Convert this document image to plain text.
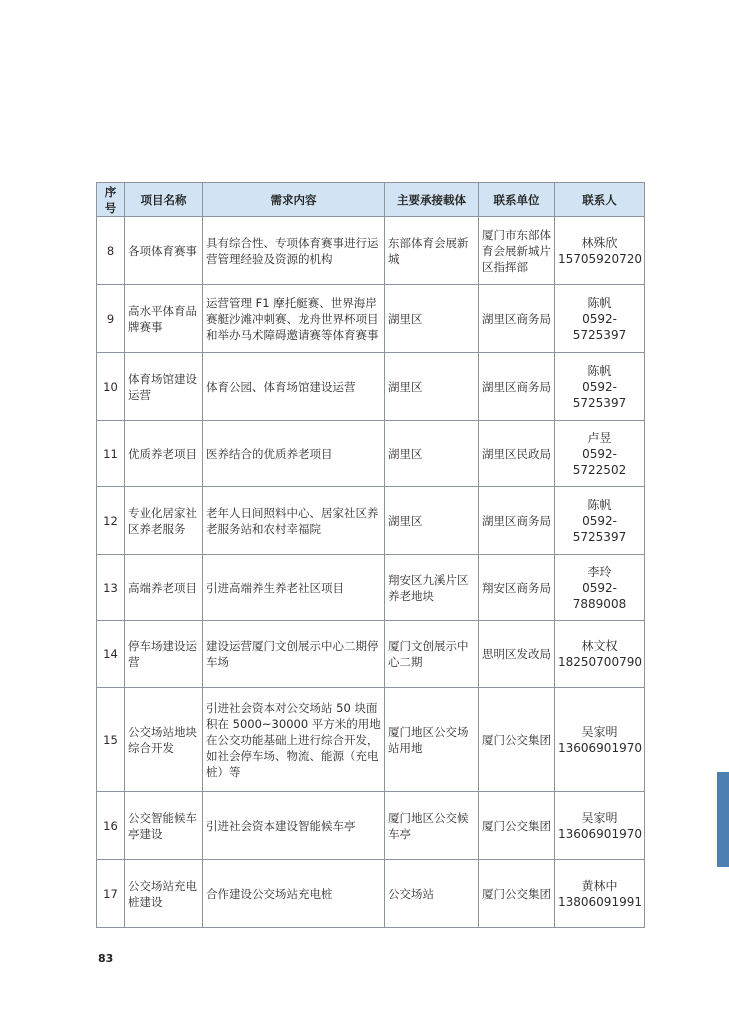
序号	项目名称	需求内容	主要承接载体	联系单位	联系人
8	各项体育赛事	具有综合性、专项体育赛事进行运营管理经验及资源的机构	东部体育会展新城	厦门市东部体育会展新城片区指挥部	林殊欣
15705920720

9	高水平体育品牌赛事	运营管理 F1 摩托艇赛、世界海岸赛艇沙滩冲刺赛、龙舟世界杯项目和举办马术障碍邀请赛等体育赛事	湖里区	湖里区商务局	陈帆
0592-5725397

10	体育场馆建设运营	体育公园、体育场馆建设运营	湖里区	湖里区商务局	陈帆
0592-5725397

11	优质养老项目	医养结合的优质养老项目	湖里区	湖里区民政局	卢昱
0592-5722502

12	专业化居家社区养老服务	老年人日间照料中心、居家社区养老服务站和农村幸福院	湖里区	湖里区商务局	陈帆
0592-5725397

13	高端养老项目	引进高端养生养老社区项目	翔安区九溪片区养老地块	翔安区商务局	李玲
0592-7889008

14	停车场建设运营	建设运营厦门文创展示中心二期停车场	厦门文创展示中心二期	思明区发改局	林文权
18250700790

15	公交场站地块综合开发	引进社会资本对公交场站 50 块面积在 5000~30000 平方米的用地在公交功能基础上进行综合开发，如社会停车场、物流、能源（充电桩）等	厦门地区公交场站用地	厦门公交集团	吴家明
13606901970

16	公交智能候车亭建设	引进社会资本建设智能候车亭	厦门地区公交候车亭	厦门公交集团	吴家明
13606901970

17	公交场站充电桩建设	合作建设公交场站充电桩	公交场站	厦门公交集团	黄林中
13806091991
83
